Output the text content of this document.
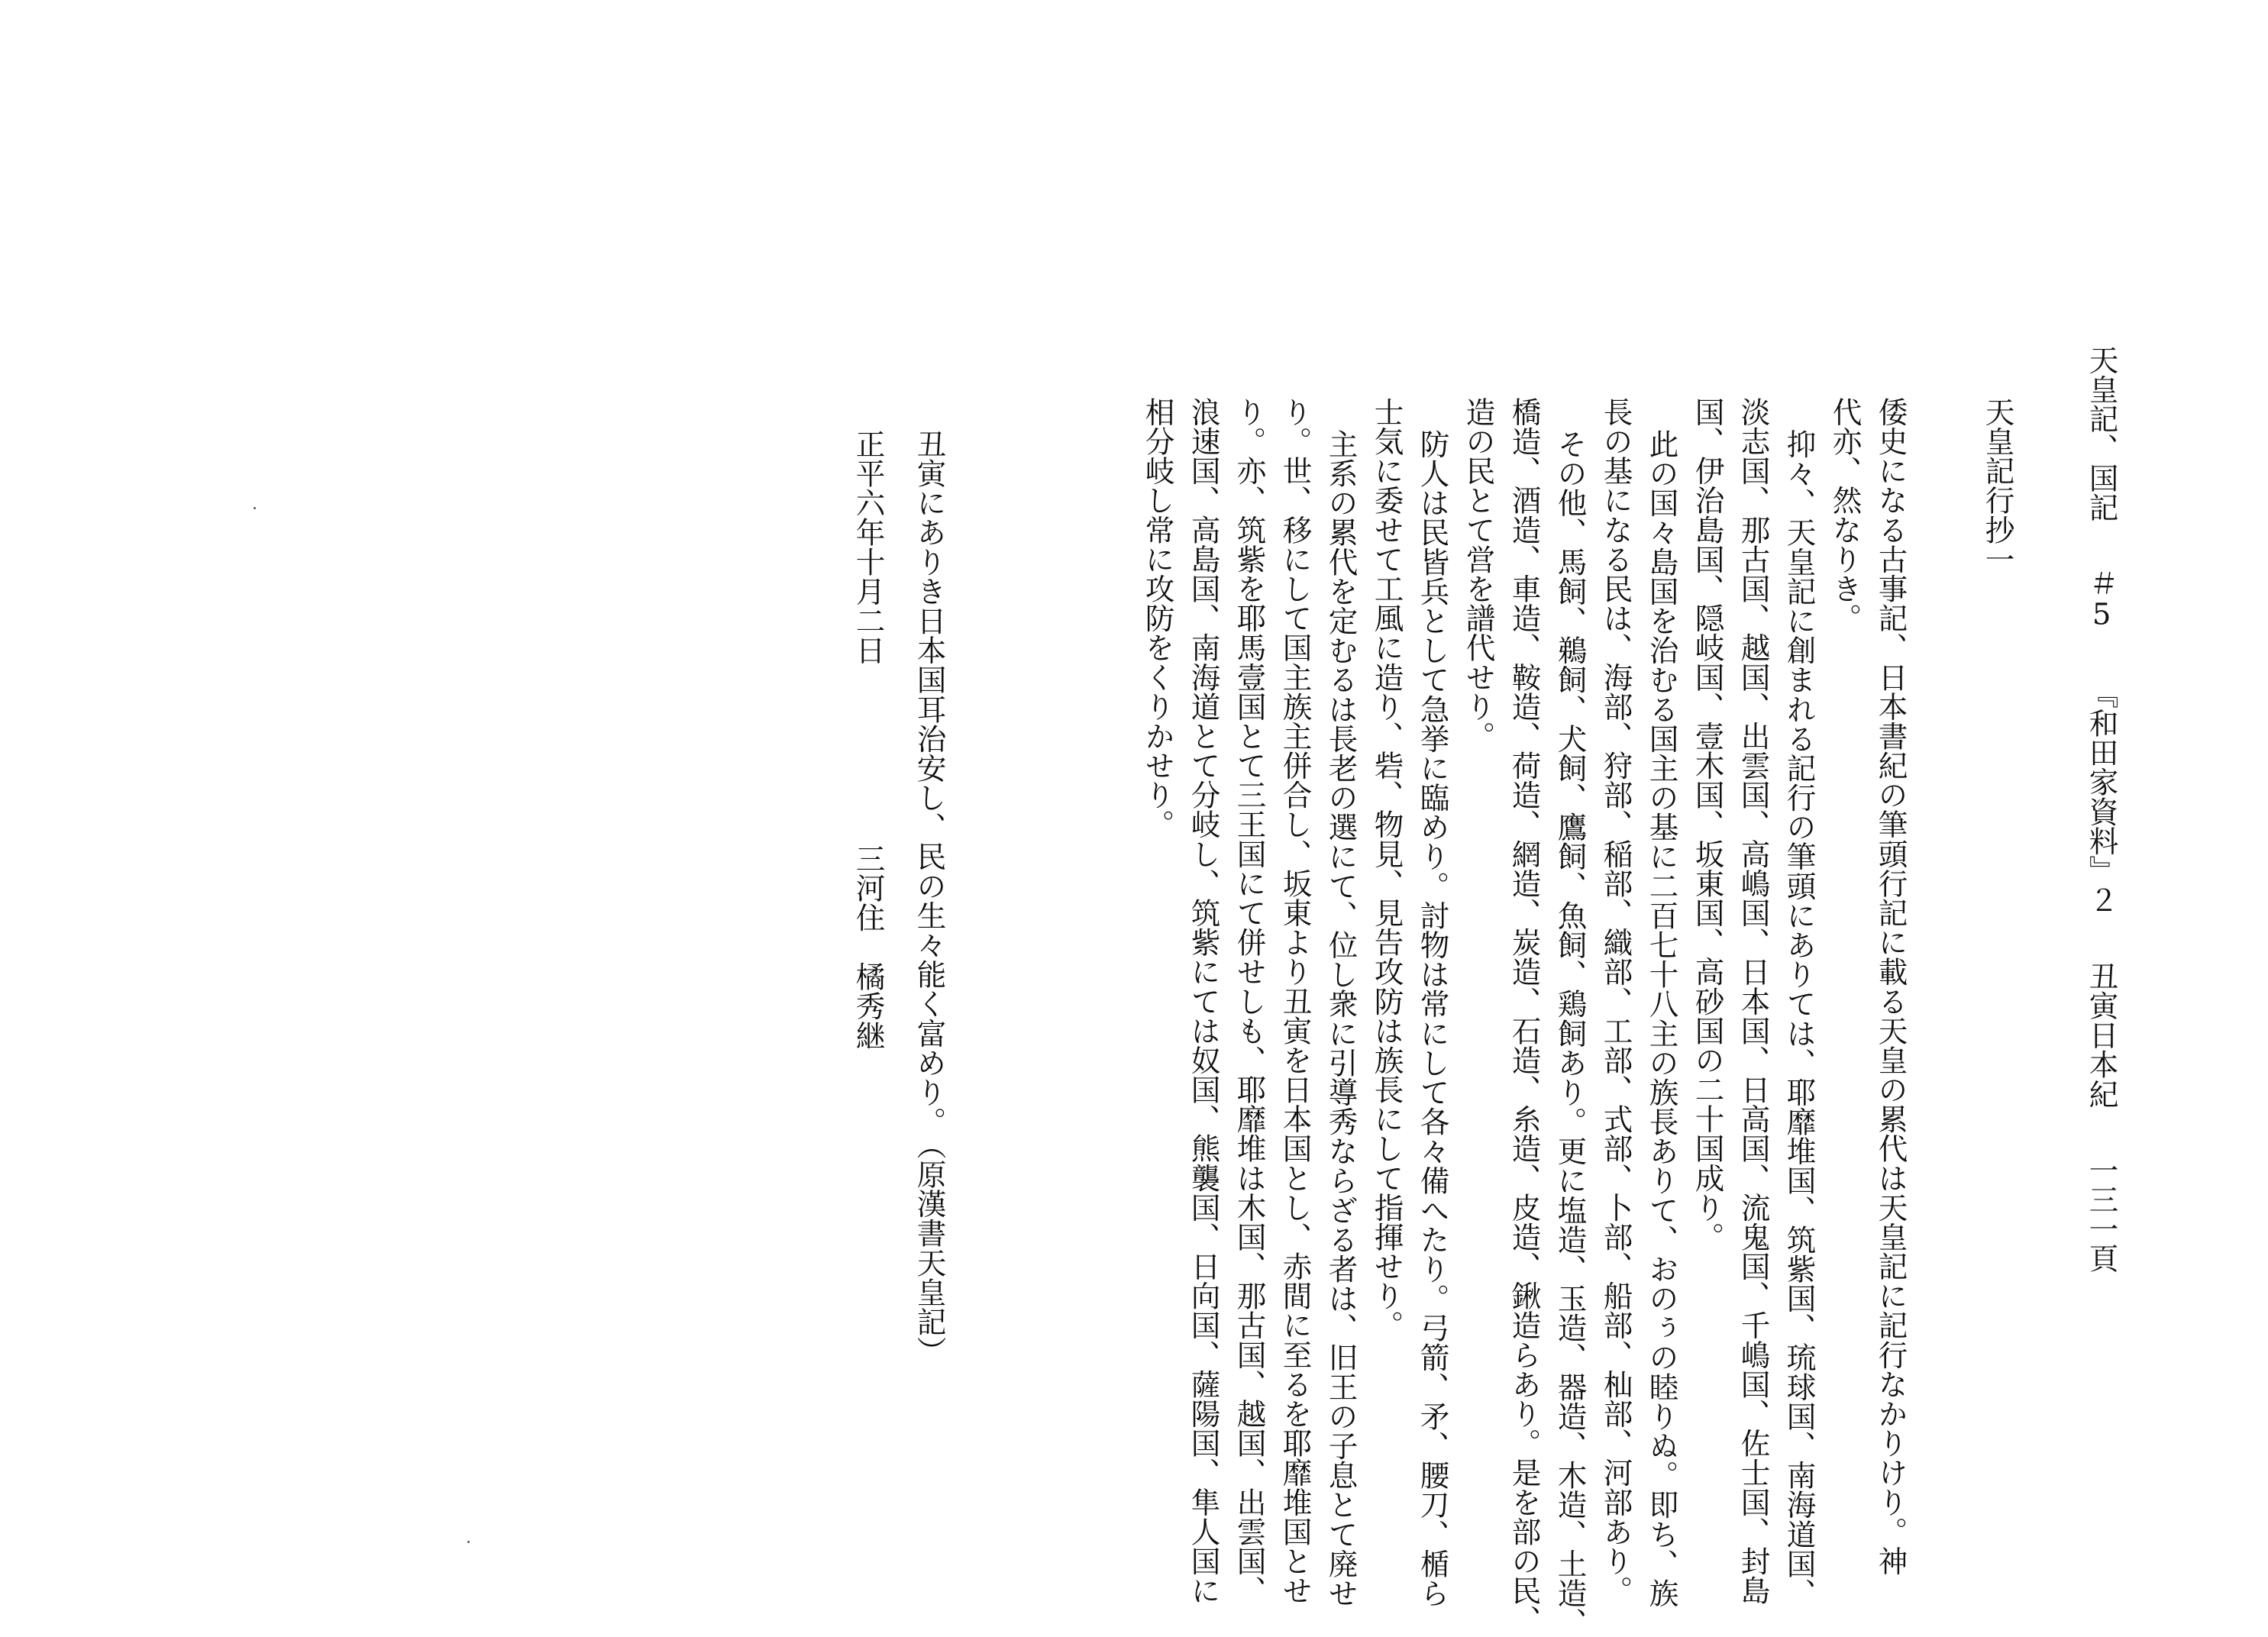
天皇記、国記
＃5
『和田家資料』２
丑寅日本紀
一三一頁
天皇記行抄一
倭史になる古事記、日本書紀の筆頭行記に載る天皇の累代は天皇記に記行なかりけり。神
代亦、然なりき。
抑々、天皇記に創まれる記行の筆頭にありては、耶靡堆国、筑紫国、琉球国、南海道国、
淡志国、那古国、越国、出雲国、高嶋国、日本国、日高国、流鬼国、千嶋国、佐士国、封島
国、伊治島国、隠岐国、壹木国、坂東国、高砂国の二十国成り。
此の国々島国を治むる国主の基に二百七十八主の族長ありて、おのぅの睦りぬ。即ち、族
長の基になる民は、海部、狩部、稲部、織部、工部、式部、卜部、船部、杣部、河部あり。
その他、馬飼、鵜飼、犬飼、鷹飼、魚飼、鶏飼あり。更に塩造、玉造、器造、木造、土造、
橋造、酒造、車造、鞍造、荷造、網造、炭造、石造、糸造、皮造、鍬造らあり。是を部の民、
造の民とて営を譜代せり。
防人は民皆兵として急挙に臨めり。討物は常にして各々備へたり。弓箭、矛、腰刀、楯ら
士気に委せて工風に造り、砦、物見、見告攻防は族長にして指揮せり。
主系の累代を定むるは長老の選にて、位し衆に引導秀ならざる者は、旧王の子息とて廃せ
り。世、移にして国主族主併合し、坂東より丑寅を日本国とし、赤間に至るを耶靡堆国とせ
り。亦、筑紫を耶馬壹国とて三王国にて併せしも、耶靡堆は木国、那古国、越国、出雲国、
浪速国、高島国、南海道とて分岐し、筑紫にては奴国、熊襲国、日向国、薩陽国、隼人国に
相分岐し常に攻防をくりかせり。
丑寅にありき日本国耳治安し、民の生々能く富めり。
（原漢書天皇記）
正平六年十月二日
三河住　橘秀継
